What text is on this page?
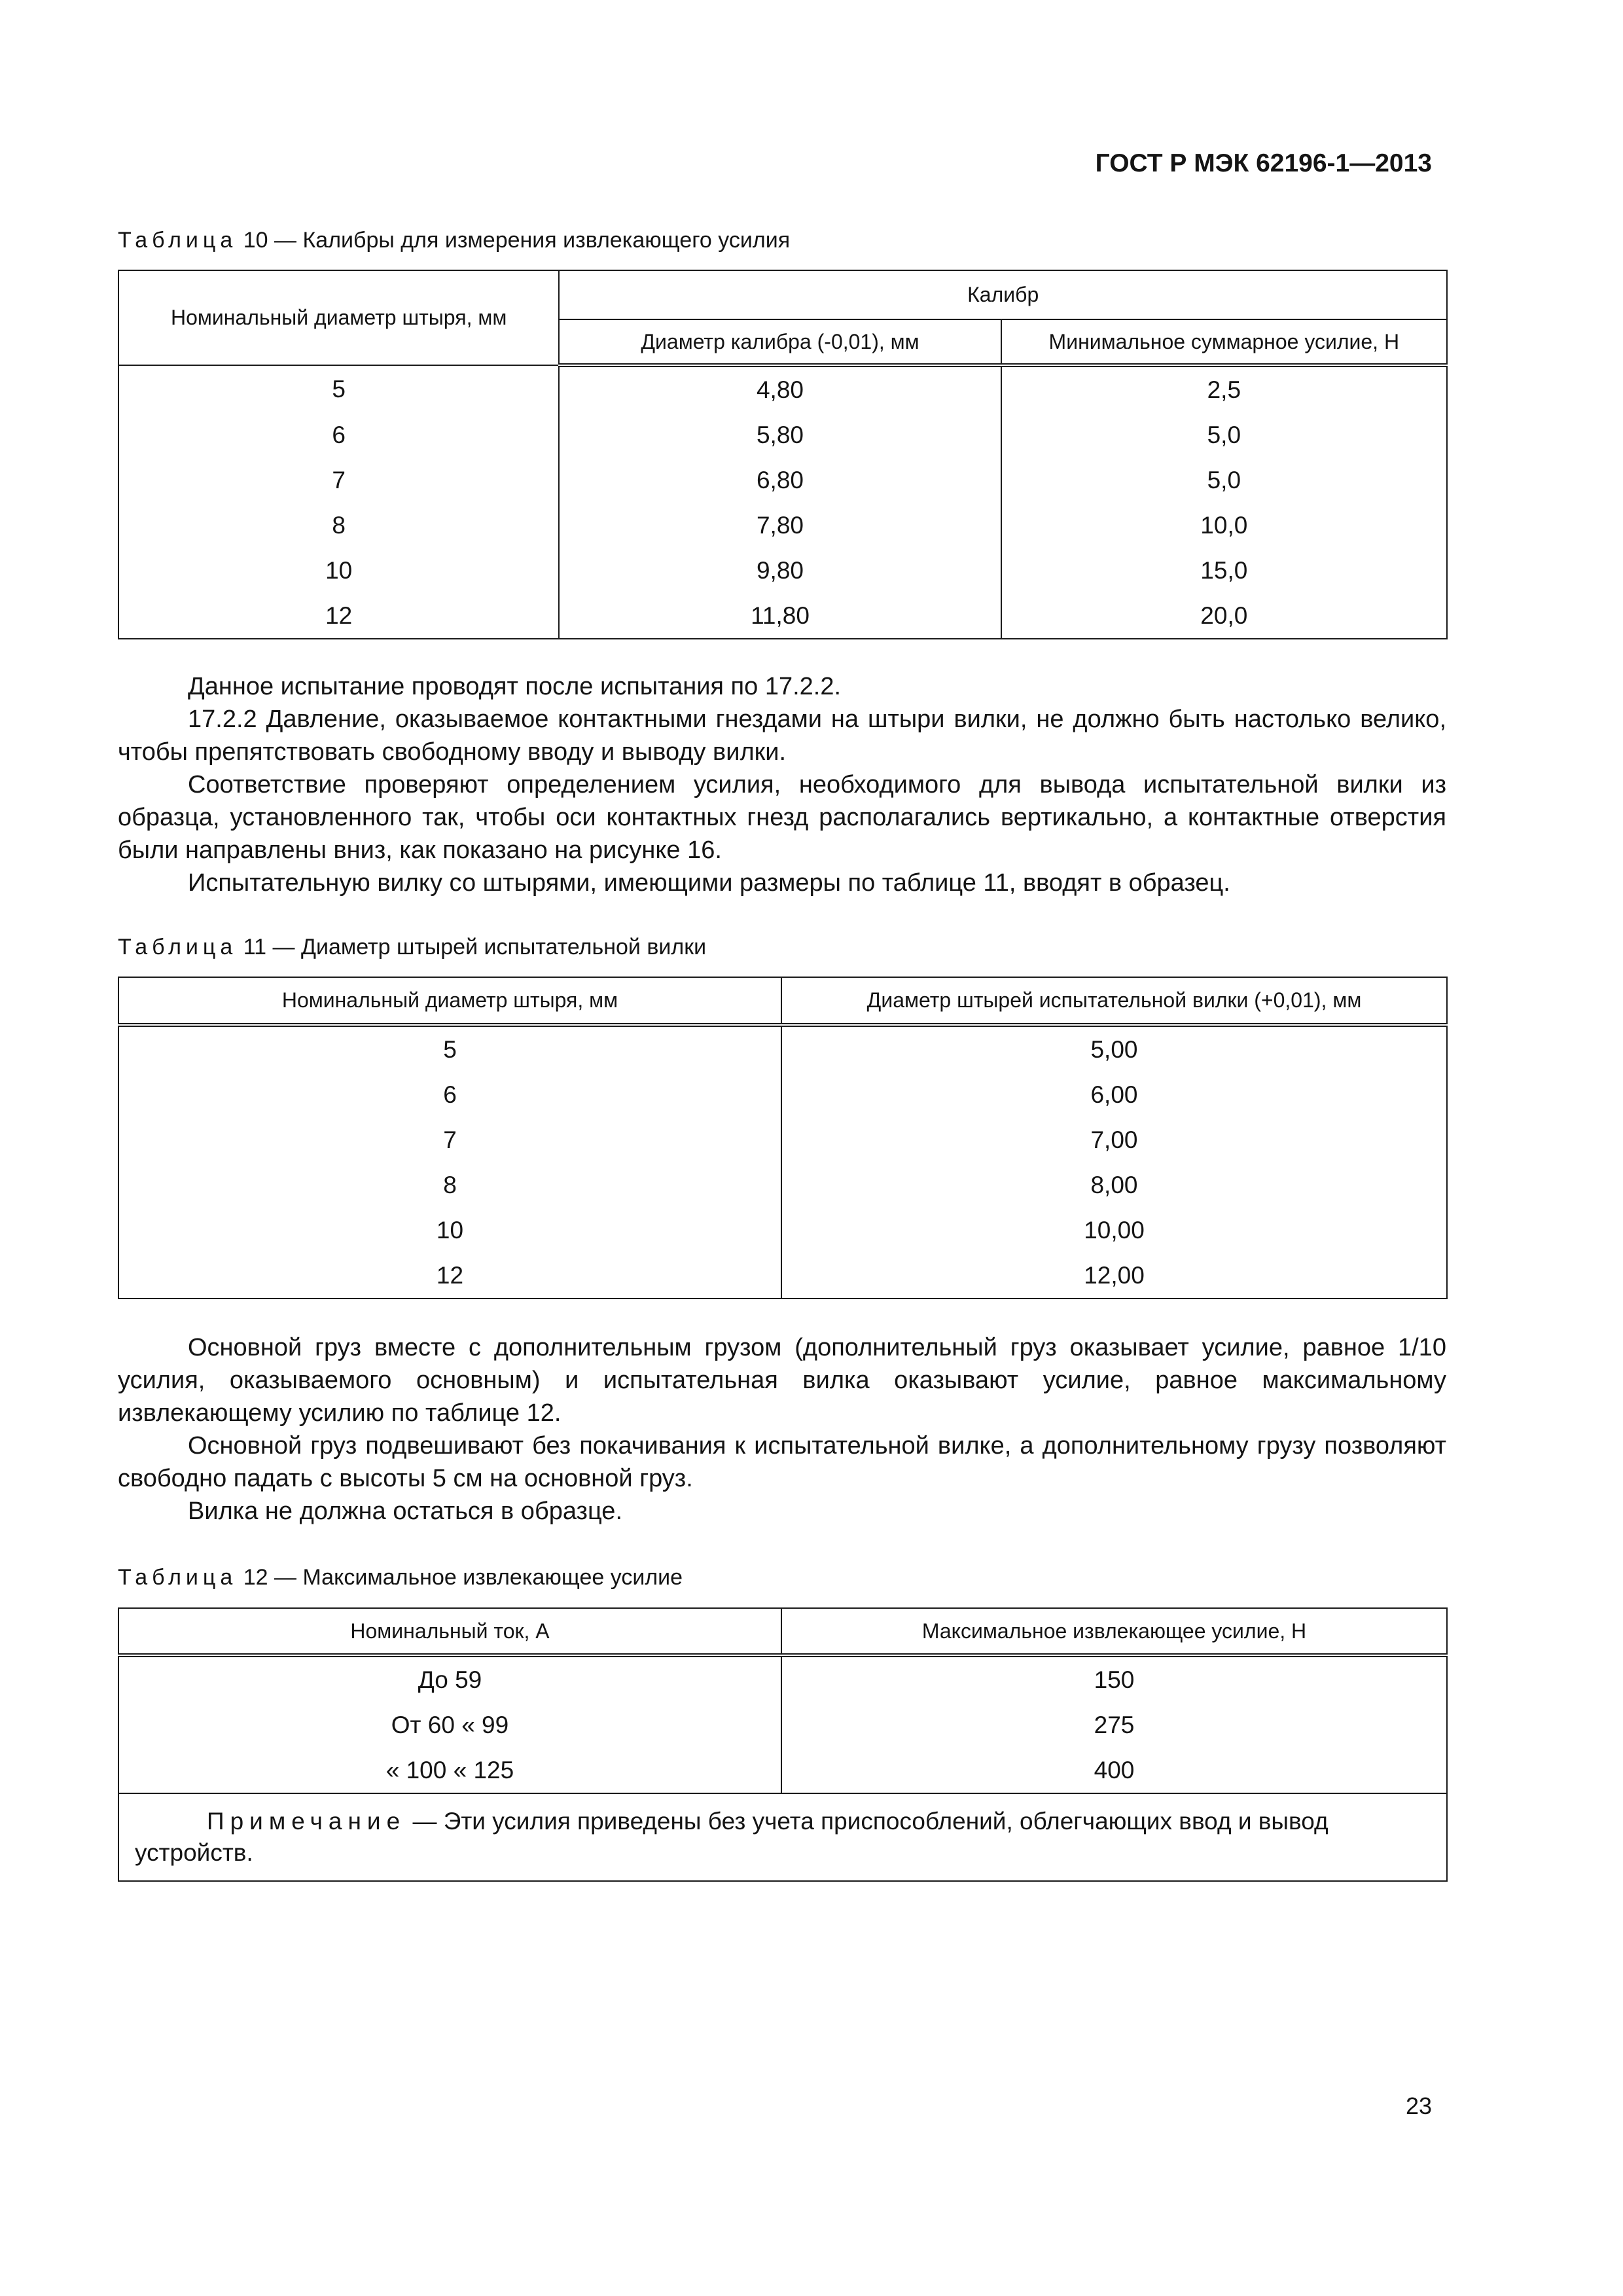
ГОСТ Р МЭК 62196-1—2013
Таблица 10 — Калибры для измерения извлекающего усилия
Номинальный диаметр штыря, мм	Калибр	
	Диаметр калибра (-0,01), мм	Минимальное суммарное усилие, Н
5	4,80	2,5
6	5,80	5,0
7	6,80	5,0
8	7,80	10,0
10	9,80	15,0
12	11,80	20,0

Данное испытание проводят после испытания по 17.2.2.

17.2.2 Давление, оказываемое контактными гнездами на штыри вилки, не должно быть настолько велико, чтобы препятствовать свободному вводу и выводу вилки.

Соответствие проверяют определением усилия, необходимого для вывода испытательной вилки из образца, установленного так, чтобы оси контактных гнезд располагались вертикально, а контактные отверстия были направлены вниз, как показано на рисунке 16.

Испытательную вилку со штырями, имеющими размеры по таблице 11, вводят в образец.

Таблица 11 — Диаметр штырей испытательной вилки
Номинальный диаметр штыря, мм	Диаметр штырей испытательной вилки (+0,01), мм
5	5,00
6	6,00
7	7,00
8	8,00
10	10,00
12	12,00

Основной груз вместе с дополнительным грузом (дополнительный груз оказывает усилие, равное 1/10 усилия, оказываемого основным) и испытательная вилка оказывают усилие, равное максимальному извлекающему усилию по таблице 12.

Основной груз подвешивают без покачивания к испытательной вилке, а дополнительному грузу позволяют свободно падать с высоты 5 см на основной груз.

Вилка не должна остаться в образце.

Таблица 12 — Максимальное извлекающее усилие
Номинальный ток, А	Максимальное извлекающее усилие, Н
До 59	150
От 60 « 99	275
« 100 « 125	400
Примечание — Эти усилия приведены без учета приспособлений, облегчающих ввод и вывод устройств.	
23
